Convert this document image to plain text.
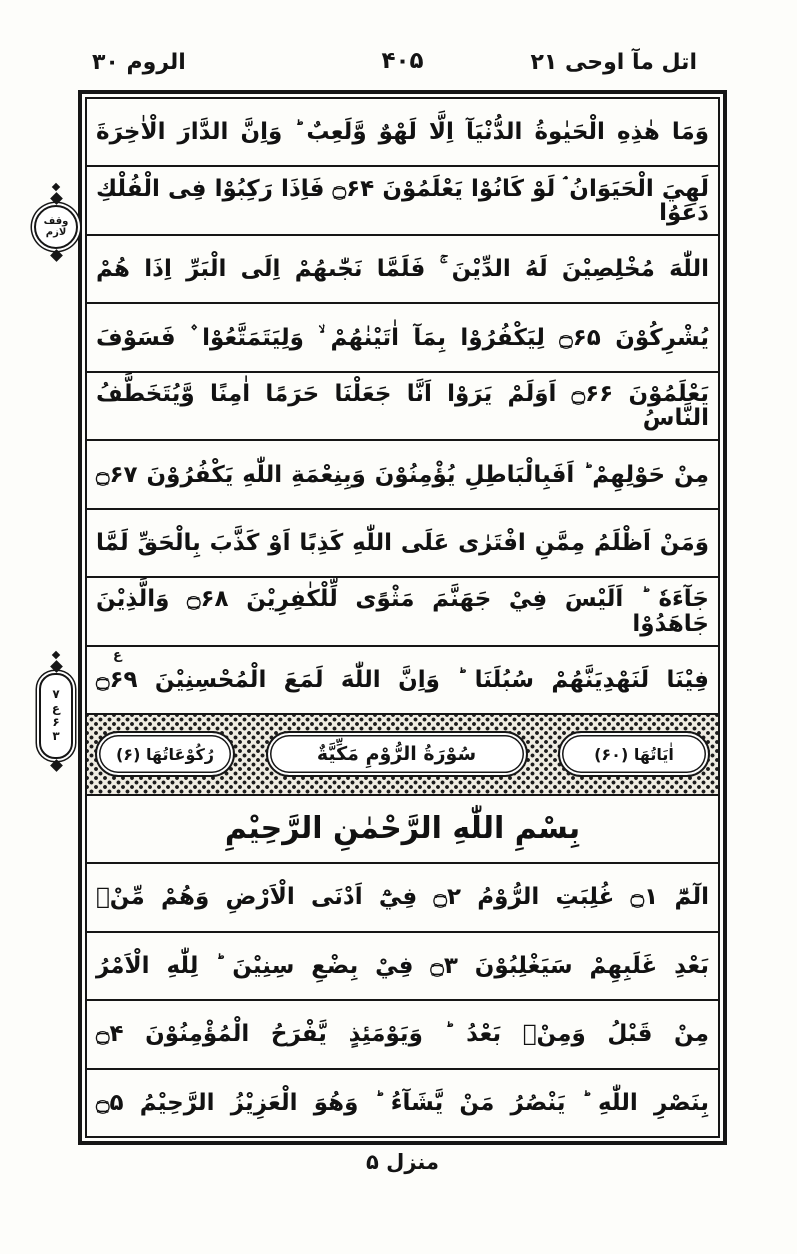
اتل مآ اوحی ۲۱
۴۰۵
الروم ۳۰
وَمَا هٰذِهِ الْحَيٰوةُ الدُّنْيَآ اِلَّا لَهْوٌ وَّلَعِبٌ ؕ وَاِنَّ الدَّارَ الْاٰخِرَةَ
لَهِيَ الْحَيَوَانُ ۘ لَوْ كَانُوْا يَعْلَمُوْنَ ۝۶۴ فَاِذَا رَكِبُوْا فِی الْفُلْكِ دَعَوُا
اللّٰهَ مُخْلِصِيْنَ لَهُ الدِّيْنَ ۚ فَلَمَّا نَجّٰىهُمْ اِلَى الْبَرِّ اِذَا هُمْ
يُشْرِكُوْنَ ۝۶۵ لِيَكْفُرُوْا بِمَآ اٰتَيْنٰهُمْ ۙ وَلِيَتَمَتَّعُوْا ۫ فَسَوْفَ
يَعْلَمُوْنَ ۝۶۶ اَوَلَمْ يَرَوْا اَنَّا جَعَلْنَا حَرَمًا اٰمِنًا وَّيُتَخَطَّفُ النَّاسُ
مِنْ حَوْلِهِمْ ؕ اَفَبِالْبَاطِلِ يُؤْمِنُوْنَ وَبِنِعْمَةِ اللّٰهِ يَكْفُرُوْنَ ۝۶۷
وَمَنْ اَظْلَمُ مِمَّنِ افْتَرٰى عَلَى اللّٰهِ كَذِبًا اَوْ كَذَّبَ بِالْحَقِّ لَمَّا
جَآءَهٗ ؕ اَلَيْسَ فِيْ جَهَنَّمَ مَثْوًى لِّلْكٰفِرِيْنَ ۝۶۸ وَالَّذِيْنَ جَاهَدُوْا
فِيْنَا لَنَهْدِيَنَّهُمْ سُبُلَنَا ؕ وَاِنَّ اللّٰهَ لَمَعَ الْمُحْسِنِيْنَ ۝۶۹
ع
اٰيَاتُهَا (۶۰)
سُوْرَةُ الرُّوْمِ مَكِّيَّةٌ
رُكُوْعَاتُهَا (۶)
بِسْمِ اللّٰهِ الرَّحْمٰنِ الرَّحِيْمِ
الٓمّٓ ۝۱ غُلِبَتِ الرُّوْمُ ۝۲ فِيْٓ اَدْنَى الْاَرْضِ وَهُمْ مِّنْۢ
بَعْدِ غَلَبِهِمْ سَيَغْلِبُوْنَ ۝۳ فِيْ بِضْعِ سِنِيْنَ ؕ لِلّٰهِ الْاَمْرُ
مِنْ قَبْلُ وَمِنْۢ بَعْدُ ؕ وَيَوْمَئِذٍ يَّفْرَحُ الْمُؤْمِنُوْنَ ۝۴
بِنَصْرِ اللّٰهِ ؕ يَنْصُرُ مَنْ يَّشَآءُ ؕ وَهُوَ الْعَزِيْزُ الرَّحِيْمُ ۝۵
وقف
لازم
۷
ع
۶
۳
منزل ۵
